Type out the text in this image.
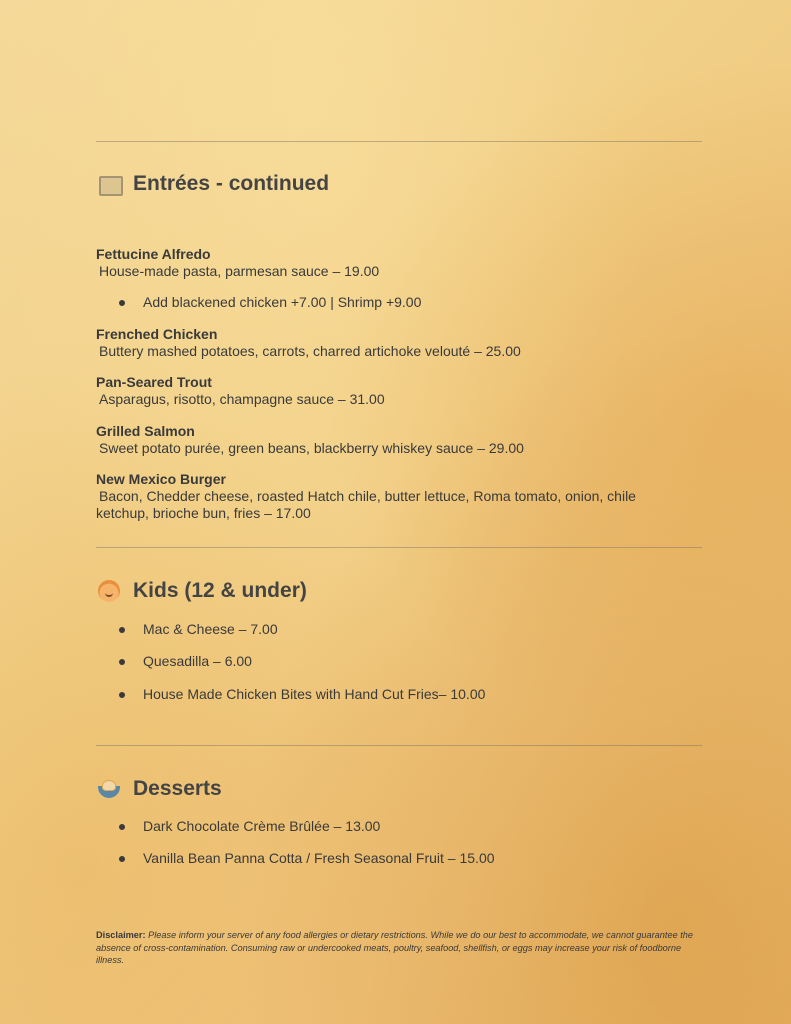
Entrées - continued
Fettucine Alfredo
House-made pasta, parmesan sauce – 19.00
Add blackened chicken +7.00 | Shrimp +9.00
Frenched Chicken
Buttery mashed potatoes, carrots, charred artichoke velouté – 25.00
Pan-Seared Trout
Asparagus, risotto, champagne sauce – 31.00
Grilled Salmon
Sweet potato purée, green beans, blackberry whiskey sauce – 29.00
New Mexico Burger
Bacon, Chedder cheese, roasted Hatch chile, butter lettuce, Roma tomato, onion, chile
ketchup, brioche bun, fries – 17.00
Kids (12 & under)
Mac & Cheese – 7.00
Quesadilla – 6.00
House Made Chicken Bites with Hand Cut Fries– 10.00
Desserts
Dark Chocolate Crème Brûlée – 13.00
Vanilla Bean Panna Cotta / Fresh Seasonal Fruit – 15.00
Disclaimer: Please inform your server of any food allergies or dietary restrictions. While we do our best to accommodate, we cannot guarantee the absence of cross-contamination. Consuming raw or undercooked meats, poultry, seafood, shellfish, or eggs may increase your risk of foodborne illness.
